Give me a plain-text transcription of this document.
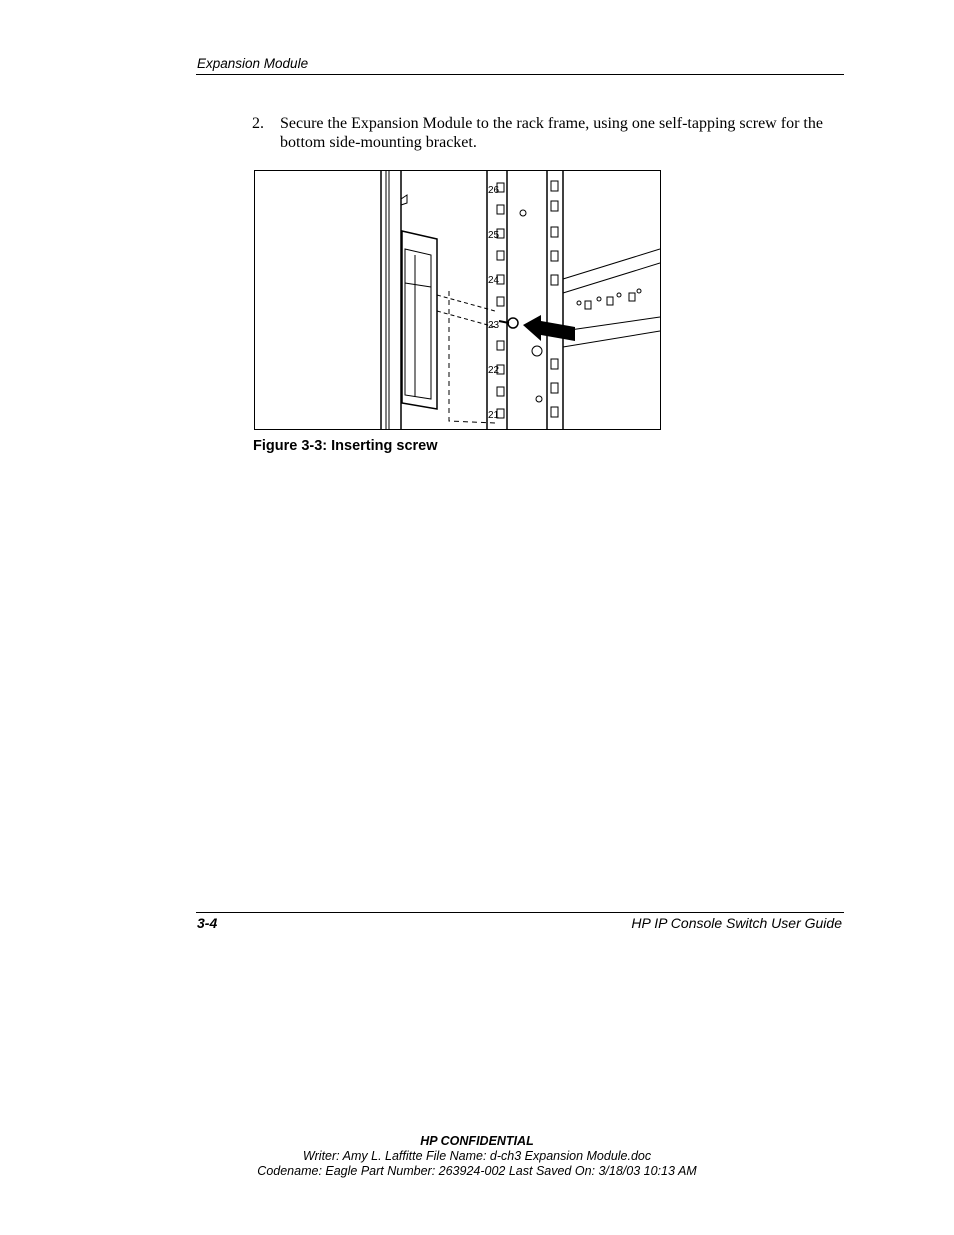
Expansion Module
2. Secure the Expansion Module to the rack frame, using one self-tapping screw for the bottom side-mounting bracket.
26
25
24
23
22
21
Figure 3-3: Inserting screw
3-4	HP IP Console Switch User Guide
HP CONFIDENTIAL
Writer: Amy L. Laffitte File Name: d-ch3 Expansion Module.doc
Codename: Eagle Part Number: 263924-002 Last Saved On: 3/18/03 10:13 AM
